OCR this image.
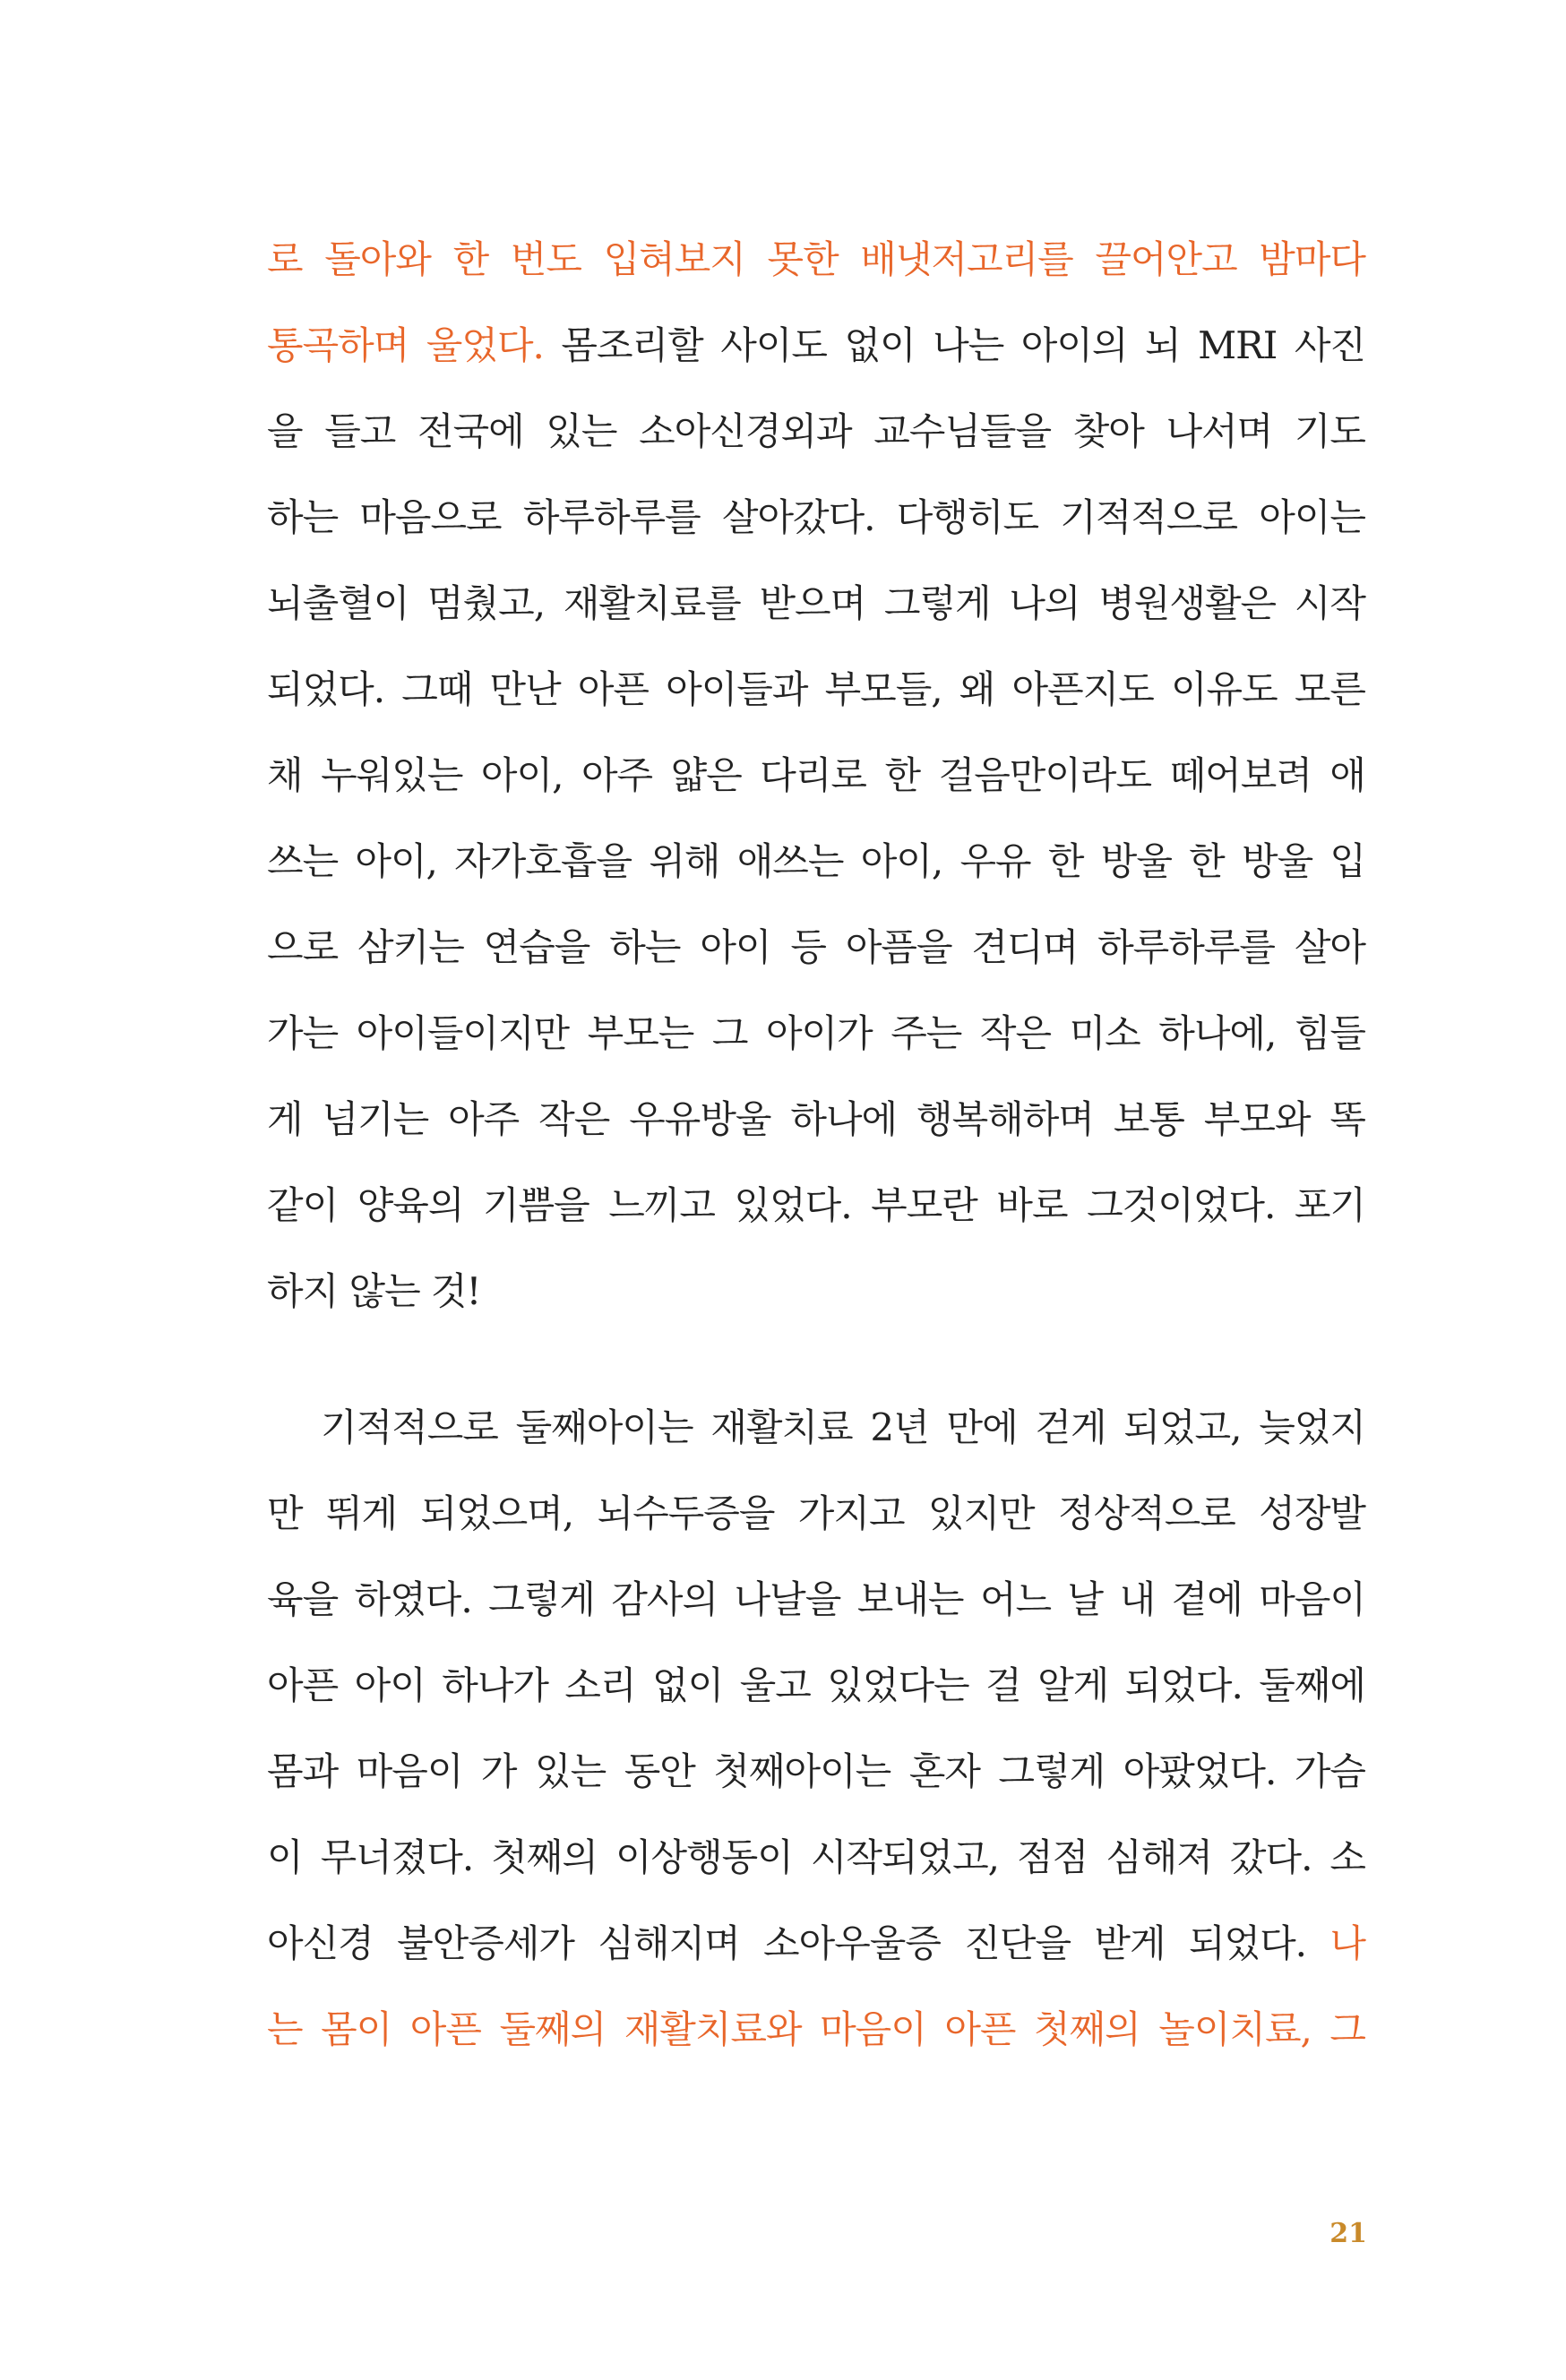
로 돌아와 한 번도 입혀보지 못한 배냇저고리를 끌어안고 밤마다
통곡하며 울었다. 몸조리할 사이도 없이 나는 아이의 뇌 MRI 사진
을 들고 전국에 있는 소아신경외과 교수님들을 찾아 나서며 기도
하는 마음으로 하루하루를 살아갔다. 다행히도 기적적으로 아이는
뇌출혈이 멈췄고, 재활치료를 받으며 그렇게 나의 병원생활은 시작
되었다. 그때 만난 아픈 아이들과 부모들, 왜 아픈지도 이유도 모른
채 누워있는 아이, 아주 얇은 다리로 한 걸음만이라도 떼어보려 애
쓰는 아이, 자가호흡을 위해 애쓰는 아이, 우유 한 방울 한 방울 입
으로 삼키는 연습을 하는 아이 등 아픔을 견디며 하루하루를 살아
가는 아이들이지만 부모는 그 아이가 주는 작은 미소 하나에, 힘들
게 넘기는 아주 작은 우유방울 하나에 행복해하며 보통 부모와 똑
같이 양육의 기쁨을 느끼고 있었다. 부모란 바로 그것이었다. 포기
하지 않는 것!
기적적으로 둘째아이는 재활치료 2년 만에 걷게 되었고, 늦었지
만 뛰게 되었으며, 뇌수두증을 가지고 있지만 정상적으로 성장발
육을 하였다. 그렇게 감사의 나날을 보내는 어느 날 내 곁에 마음이
아픈 아이 하나가 소리 없이 울고 있었다는 걸 알게 되었다. 둘째에
몸과 마음이 가 있는 동안 첫째아이는 혼자 그렇게 아팠었다. 가슴
이 무너졌다. 첫째의 이상행동이 시작되었고, 점점 심해져 갔다. 소
아신경 불안증세가 심해지며 소아우울증 진단을 받게 되었다. 나
는 몸이 아픈 둘째의 재활치료와 마음이 아픈 첫째의 놀이치료, 그
21
